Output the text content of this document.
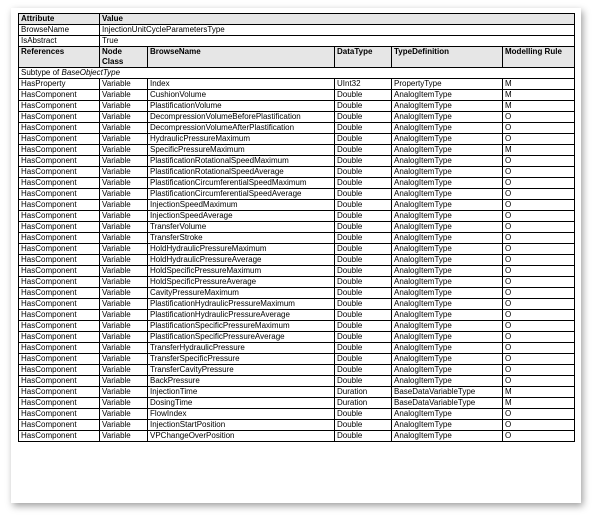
Attribute	Value				
BrowseName	InjectionUnitCycleParametersType				
IsAbstract	True				
References	Node Class	BrowseName	DataType	TypeDefinition	Modelling Rule
Subtype of BaseObjectType					
HasProperty	Variable	Index	UInt32	PropertyType	M
HasComponent	Variable	CushionVolume	Double	AnalogItemType	M
HasComponent	Variable	PlastificationVolume	Double	AnalogItemType	M
HasComponent	Variable	DecompressionVolumeBeforePlastification	Double	AnalogItemType	O
HasComponent	Variable	DecompressionVolumeAfterPlastification	Double	AnalogItemType	O
HasComponent	Variable	HydraulicPressureMaximum	Double	AnalogItemType	O
HasComponent	Variable	SpecificPressureMaximum	Double	AnalogItemType	M
HasComponent	Variable	PlastificationRotationalSpeedMaximum	Double	AnalogItemType	O
HasComponent	Variable	PlastificationRotationalSpeedAverage	Double	AnalogItemType	O
HasComponent	Variable	PlastificationCircumferentialSpeedMaximum	Double	AnalogItemType	O
HasComponent	Variable	PlastificationCircumferentialSpeedAverage	Double	AnalogItemType	O
HasComponent	Variable	InjectionSpeedMaximum	Double	AnalogItemType	O
HasComponent	Variable	InjectionSpeedAverage	Double	AnalogItemType	O
HasComponent	Variable	TransferVolume	Double	AnalogItemType	O
HasComponent	Variable	TransferStroke	Double	AnalogItemType	O
HasComponent	Variable	HoldHydraulicPressureMaximum	Double	AnalogItemType	O
HasComponent	Variable	HoldHydraulicPressureAverage	Double	AnalogItemType	O
HasComponent	Variable	HoldSpecificPressureMaximum	Double	AnalogItemType	O
HasComponent	Variable	HoldSpecificPressureAverage	Double	AnalogItemType	O
HasComponent	Variable	CavityPressureMaximum	Double	AnalogItemType	O
HasComponent	Variable	PlastificationHydraulicPressureMaximum	Double	AnalogItemType	O
HasComponent	Variable	PlastificationHydraulicPressureAverage	Double	AnalogItemType	O
HasComponent	Variable	PlastificationSpecificPressureMaximum	Double	AnalogItemType	O
HasComponent	Variable	PlastificationSpecificPressureAverage	Double	AnalogItemType	O
HasComponent	Variable	TransferHydraulicPressure	Double	AnalogItemType	O
HasComponent	Variable	TransferSpecificPressure	Double	AnalogItemType	O
HasComponent	Variable	TransferCavityPressure	Double	AnalogItemType	O
HasComponent	Variable	BackPressure	Double	AnalogItemType	O
HasComponent	Variable	InjectionTime	Duration	BaseDataVariableType	M
HasComponent	Variable	DosingTime	Duration	BaseDataVariableType	M
HasComponent	Variable	FlowIndex	Double	AnalogItemType	O
HasComponent	Variable	InjectionStartPosition	Double	AnalogItemType	O
HasComponent	Variable	VPChangeOverPosition	Double	AnalogItemType	O
